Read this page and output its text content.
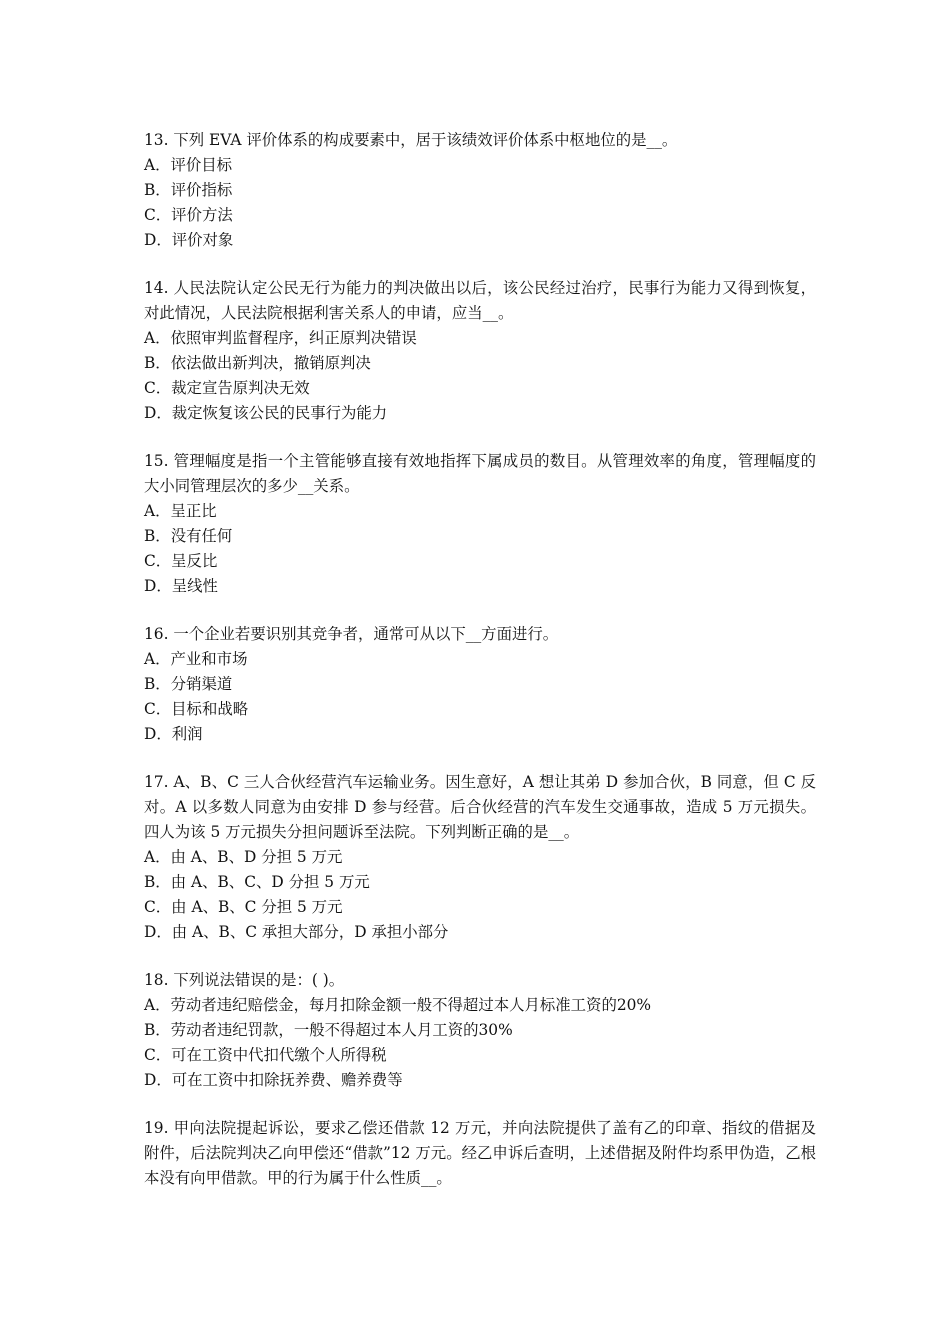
13. 下列 EVA 评价体系的构成要素中，居于该绩效评价体系中枢地位的是__。

A．评价目标
B．评价指标
C．评价方法
D．评价对象

14. 人民法院认定公民无行为能力的判决做出以后，该公民经过治疗，民事行为能力又得到恢复，对此情况，人民法院根据利害关系人的申请，应当__。

A．依照审判监督程序，纠正原判决错误
B．依法做出新判决，撤销原判决
C．裁定宣告原判决无效
D．裁定恢复该公民的民事行为能力

15. 管理幅度是指一个主管能够直接有效地指挥下属成员的数目。从管理效率的角度，管理幅度的大小同管理层次的多少__关系。

A．呈正比
B．没有任何
C．呈反比
D．呈线性

16. 一个企业若要识别其竞争者，通常可从以下__方面进行。

A．产业和市场
B．分销渠道
C．目标和战略
D．利润

17. A、B、C 三人合伙经营汽车运输业务。因生意好，A 想让其弟 D 参加合伙，B 同意，但 C 反对。A 以多数人同意为由安排 D 参与经营。后合伙经营的汽车发生交通事故，造成 5 万元损失。四人为该 5 万元损失分担问题诉至法院。下列判断正确的是__。

A．由 A、B、D 分担 5 万元
B．由 A、B、C、D 分担 5 万元
C．由 A、B、C 分担 5 万元
D．由 A、B、C 承担大部分，D 承担小部分

18. 下列说法错误的是：( )。

A．劳动者违纪赔偿金，每月扣除金额一般不得超过本人月标准工资的20%
B．劳动者违纪罚款，一般不得超过本人月工资的30%
C．可在工资中代扣代缴个人所得税
D．可在工资中扣除抚养费、赡养费等

19. 甲向法院提起诉讼，要求乙偿还借款 12 万元，并向法院提供了盖有乙的印章、指纹的借据及附件，后法院判决乙向甲偿还“借款”12 万元。经乙申诉后查明，上述借据及附件均系甲伪造，乙根本没有向甲借款。甲的行为属于什么性质__。
